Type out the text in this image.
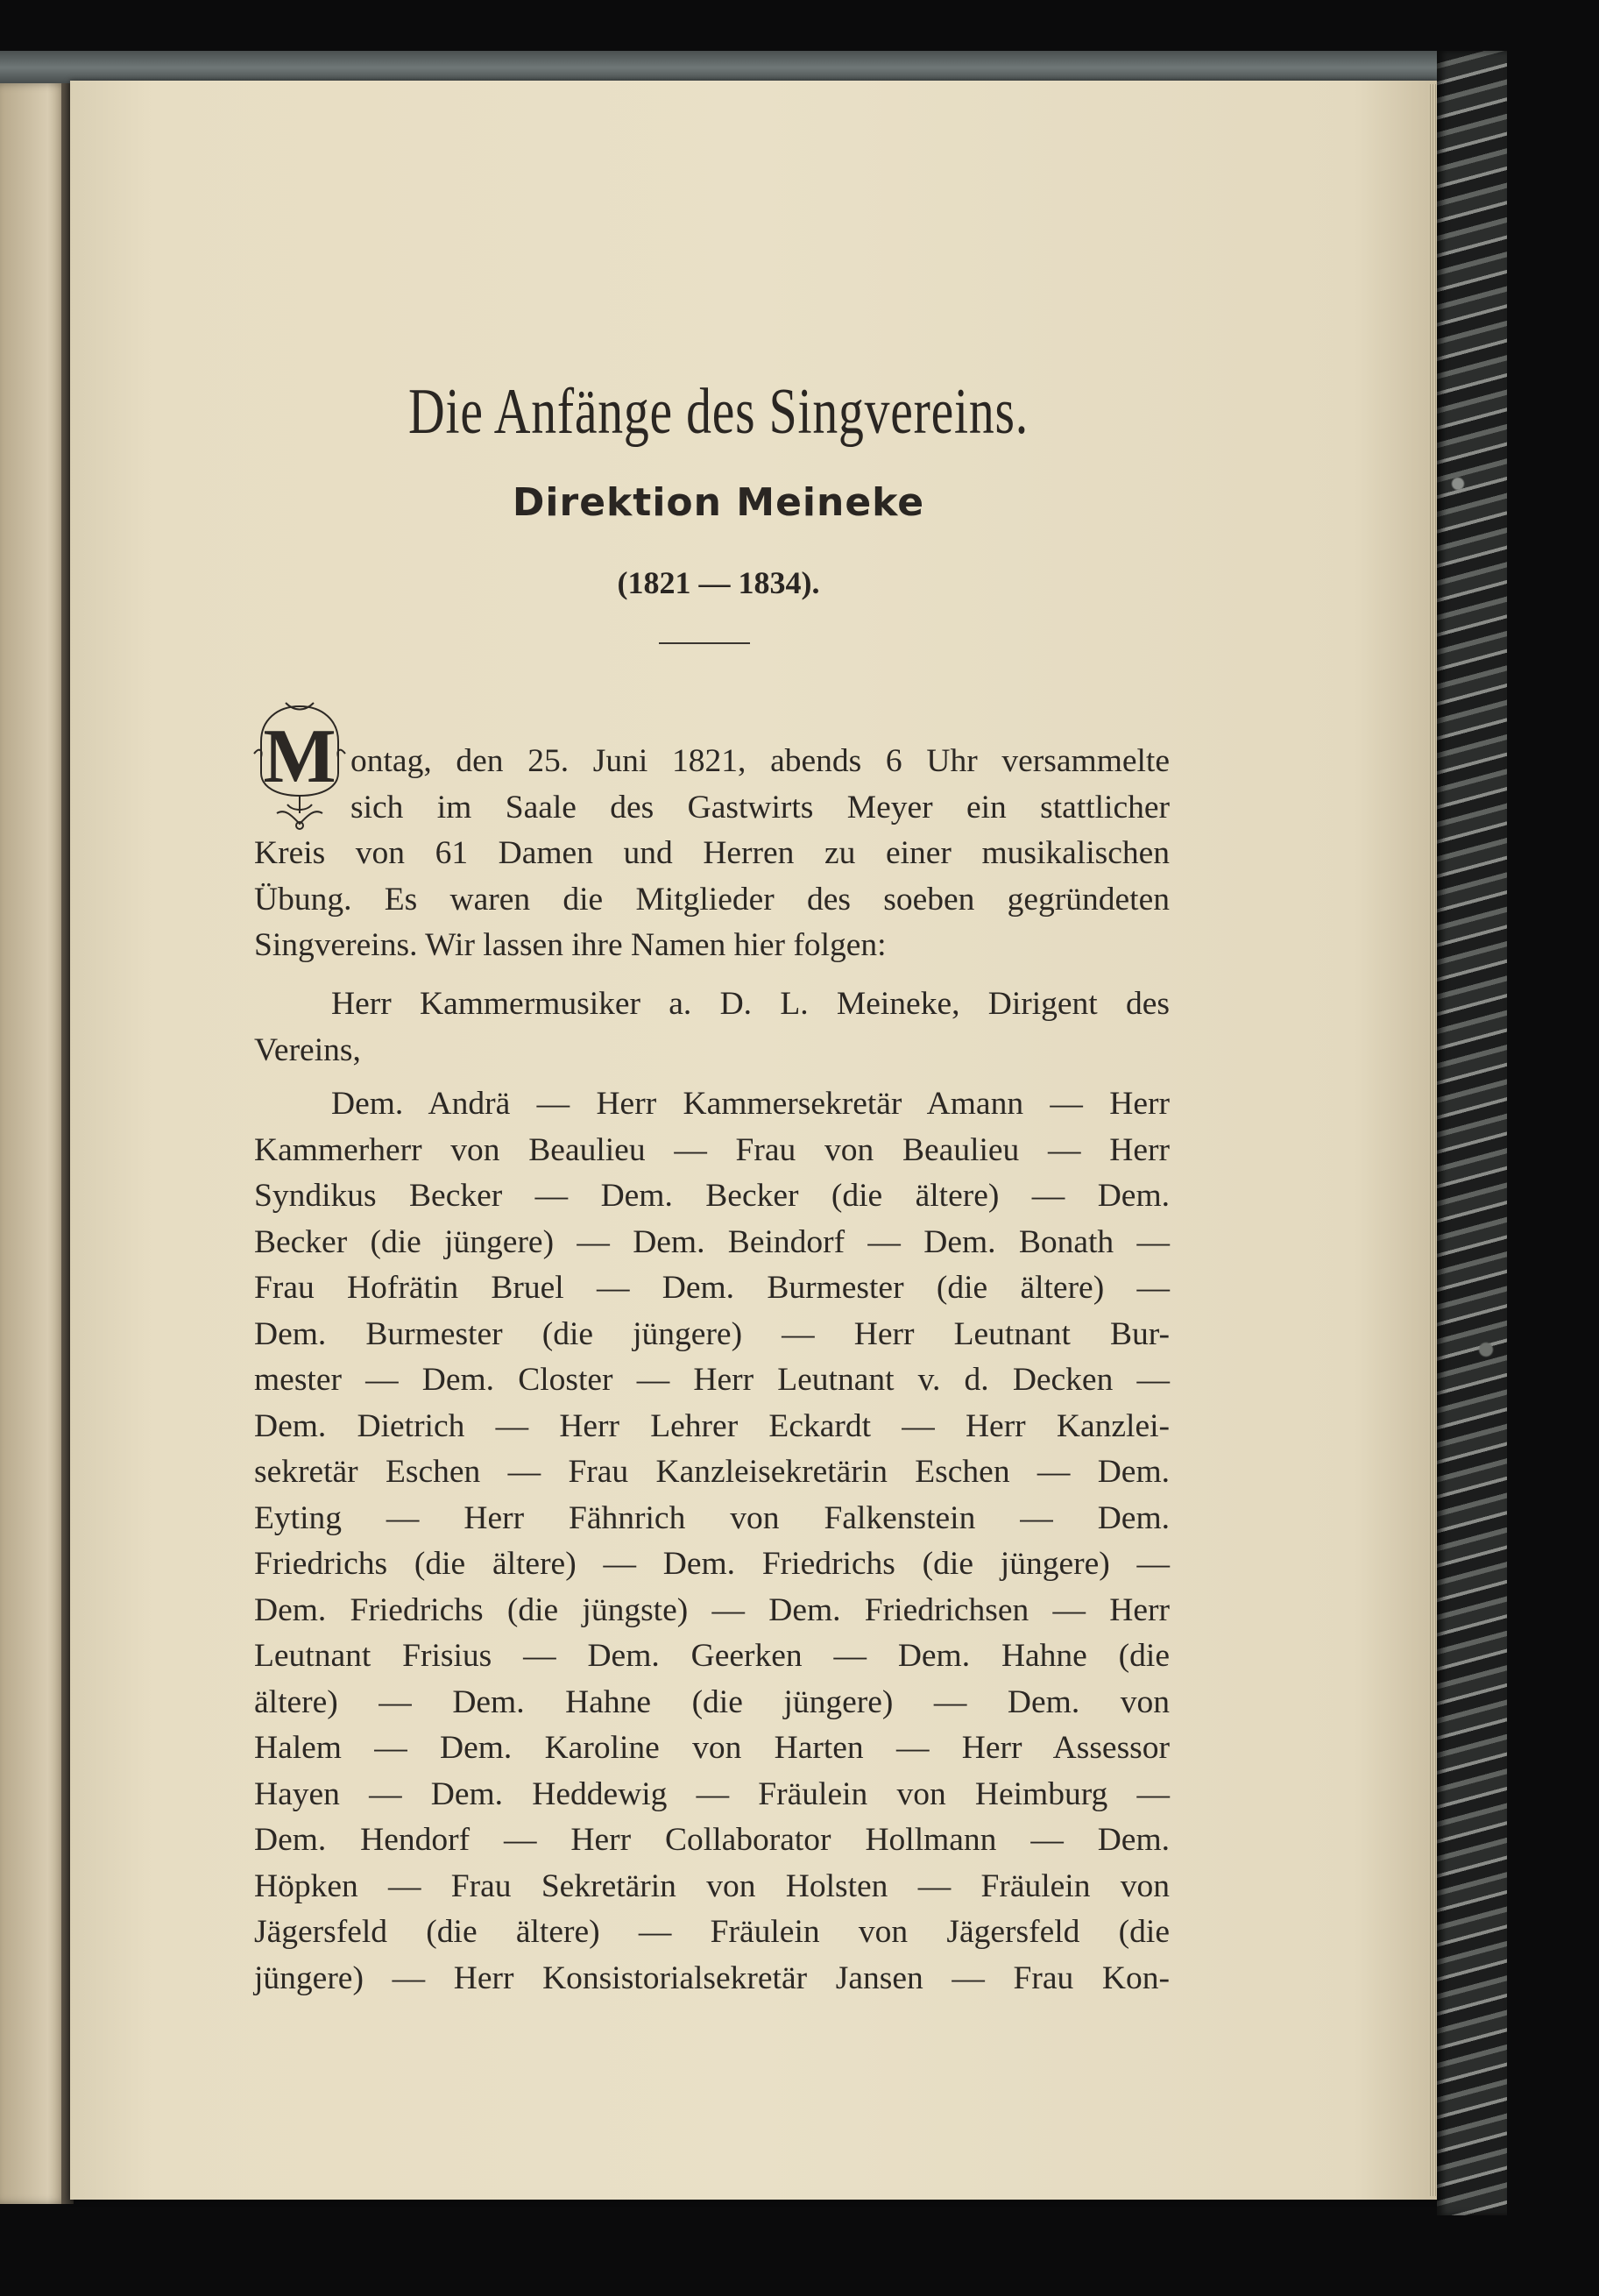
Die Anfänge des Singvereins.
Direktion Meineke
(1821 — 1834).
M ontag, den 25. Juni 1821, abends 6 Uhr versammelte
sich im Saale des Gastwirts Meyer ein stattlicher
Kreis von 61 Damen und Herren zu einer musikalischen
Übung. Es waren die Mitglieder des soeben gegründeten
Singvereins. Wir lassen ihre Namen hier folgen:
Herr Kammermusiker a. D. L. Meineke, Dirigent des
Vereins,
Dem. Andrä — Herr Kammersekretär Amann — Herr
Kammerherr von Beaulieu — Frau von Beaulieu — Herr
Syndikus Becker — Dem. Becker (die ältere) — Dem.
Becker (die jüngere) — Dem. Beindorf — Dem. Bonath —
Frau Hofrätin Bruel — Dem. Burmester (die ältere) —
Dem. Burmester (die jüngere) — Herr Leutnant Bur-
mester — Dem. Closter — Herr Leutnant v. d. Decken —
Dem. Dietrich — Herr Lehrer Eckardt — Herr Kanzlei-
sekretär Eschen — Frau Kanzleisekretärin Eschen — Dem.
Eyting — Herr Fähnrich von Falkenstein — Dem.
Friedrichs (die ältere) — Dem. Friedrichs (die jüngere) —
Dem. Friedrichs (die jüngste) — Dem. Friedrichsen — Herr
Leutnant Frisius — Dem. Geerken — Dem. Hahne (die
ältere) — Dem. Hahne (die jüngere) — Dem. von
Halem — Dem. Karoline von Harten — Herr Assessor
Hayen — Dem. Heddewig — Fräulein von Heimburg —
Dem. Hendorf — Herr Collaborator Hollmann — Dem.
Höpken — Frau Sekretärin von Holsten — Fräulein von
Jägersfeld (die ältere) — Fräulein von Jägersfeld (die
jüngere) — Herr Konsistorialsekretär Jansen — Frau Kon-
